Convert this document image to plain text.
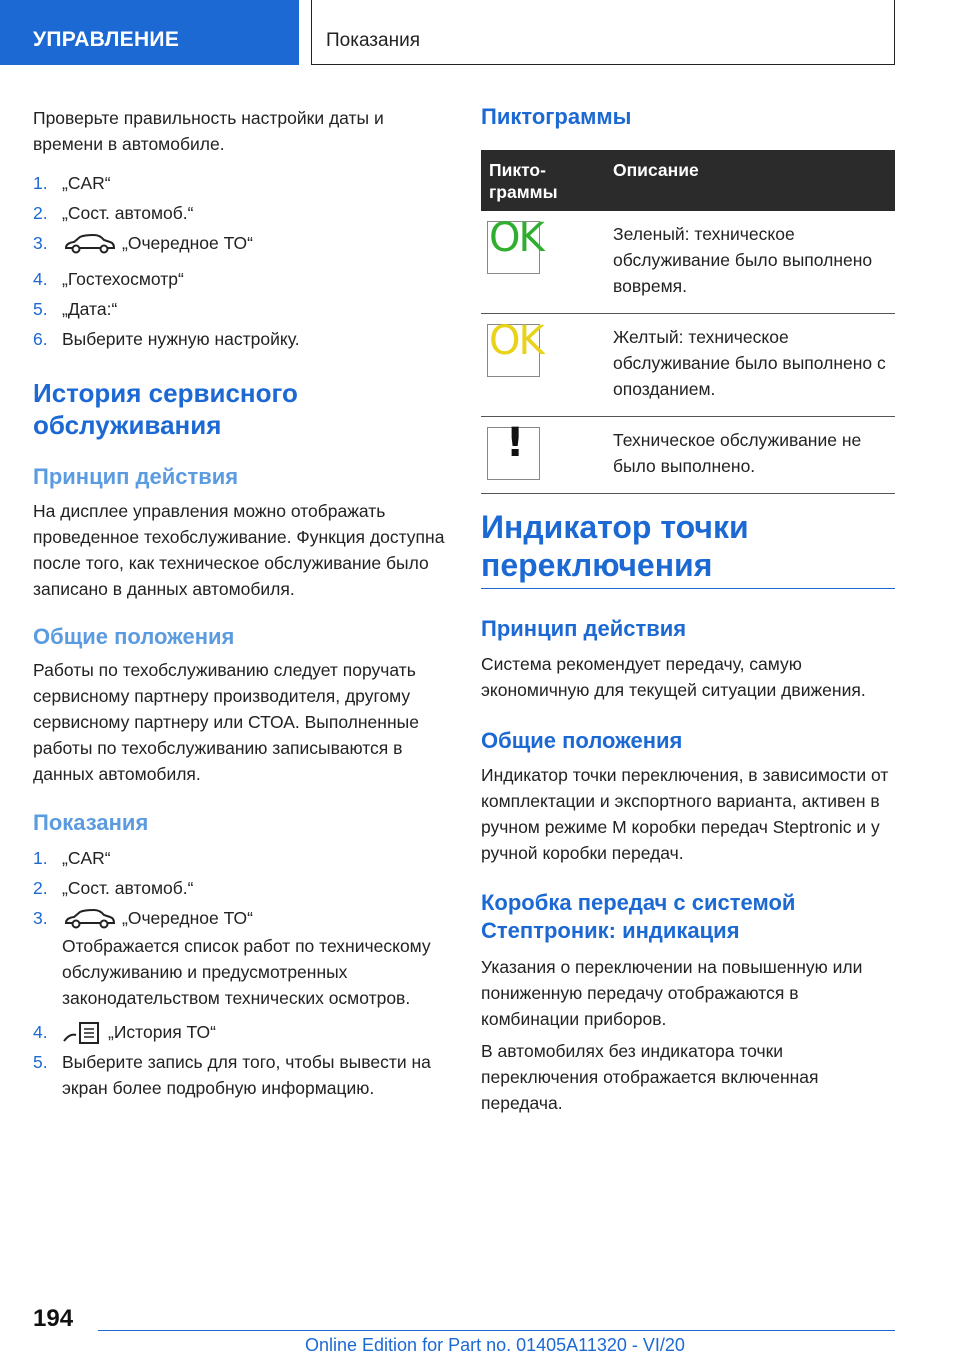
УПРАВЛЕНИЕ	Показания

Проверьте правильность настройки даты и времени в автомобиле.

1. „CAR“
2. „Сост. автомоб.“
3.	„Очередное ТО“
4. „Гостехосмотр“
5. „Дата:“
6. Выберите нужную настройку.
История сервисного обслуживания
Принцип действия

На дисплее управления можно отображать проведенное техобслуживание. Функция доступна после того, как техническое обслуживание было записано в данных автомобиля.

Общие положения

Работы по техобслуживанию следует поручать сервисному партнеру производителя, другому сервисному партнеру или СТОА. Выполненные работы по техобслуживанию записываются в данных автомобиля.

Показания
1. „CAR“
2. „Сост. автомоб.“
3.	„Очередное ТО“

Отображается список работ по техническому обслуживанию и предусмотренных законодательством технических осмотров.

4.	„История ТО“
5. Выберите запись для того, чтобы вывести на экран более подробную информацию.
Пиктограммы
Пикто-граммы	Описание

OK	Зеленый: техническое обслуживание было выполнено вовремя.

OK	Желтый: техническое обслуживание было выполнено с опозданием.

!	Техническое обслуживание не было выполнено.
Индикатор точки переключения
Принцип действия

Система рекомендует передачу, самую экономичную для текущей ситуации движения.

Общие положения

Индикатор точки переключения, в зависимости от комплектации и экспортного варианта, активен в ручном режиме M коробки передач Steptronic и у ручной коробки передач.

Коробка передач с системой Стептроник: индикация

Указания о переключении на повышенную или пониженную передачу отображаются в комбинации приборов.

В автомобилях без индикатора точки переключения отображается включенная передача.

194
Online Edition for Part no. 01405A11320 - VI/20
